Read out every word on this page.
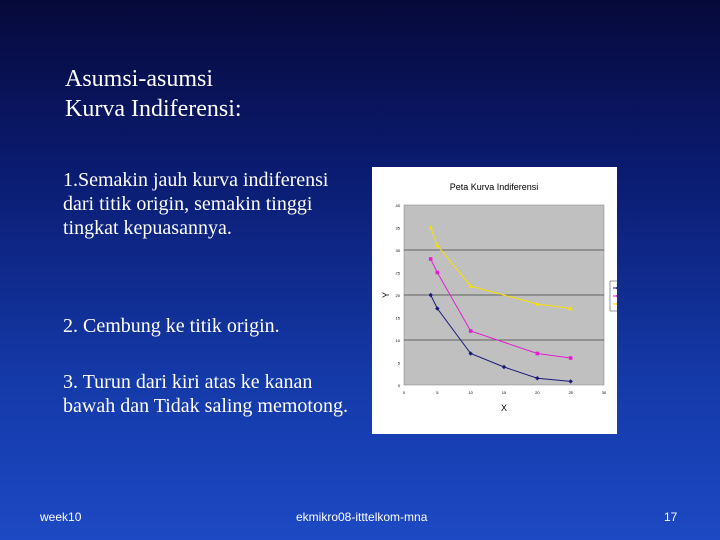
Asumsi-asumsi
Kurva Indiferensi:

1.Semakin jauh kurva indiferensi dari titik origin, semakin tinggi tingkat kepuasannya.

2. Cembung ke titik origin.

3. Turun dari kiri atas ke kanan bawah dan Tidak saling memotong.

Peta Kurva Indiferensi
0
5
10
15
20
25
30
35
40
0	5	10	15	20	25	30
X
Y
week10	ekmikro08-itttelkom-mna	17
